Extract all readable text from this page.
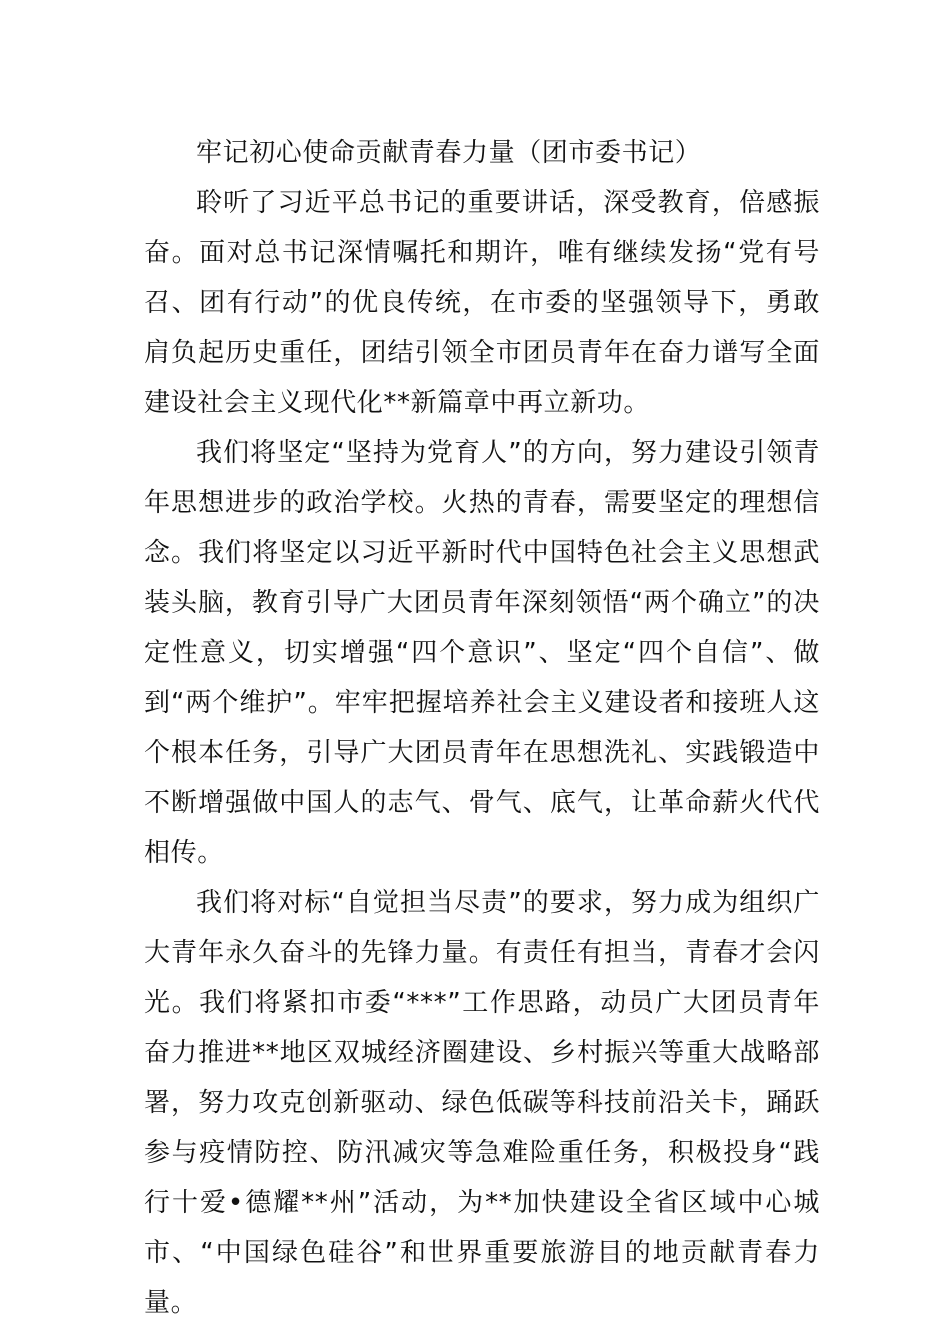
牢记初心使命贡献青春力量（团市委书记）

聆听了习近平总书记的重要讲话，深受教育，倍感振奋。面对总书记深情嘱托和期许，唯有继续发扬“党有号召、团有行动”的优良传统，在市委的坚强领导下，勇敢肩负起历史重任，团结引领全市团员青年在奋力谱写全面建设社会主义现代化**新篇章中再立新功。

我们将坚定“坚持为党育人”的方向，努力建设引领青年思想进步的政治学校。火热的青春，需要坚定的理想信念。我们将坚定以习近平新时代中国特色社会主义思想武装头脑，教育引导广大团员青年深刻领悟“两个确立”的决定性意义，切实增强“四个意识”、坚定“四个自信”、做到“两个维护”。牢牢把握培养社会主义建设者和接班人这个根本任务，引导广大团员青年在思想洗礼、实践锻造中不断增强做中国人的志气、骨气、底气，让革命薪火代代相传。

我们将对标“自觉担当尽责”的要求，努力成为组织广大青年永久奋斗的先锋力量。有责任有担当，青春才会闪光。我们将紧扣市委“***”工作思路，动员广大团员青年奋力推进**地区双城经济圈建设、乡村振兴等重大战略部署，努力攻克创新驱动、绿色低碳等科技前沿关卡，踊跃参与疫情防控、防汛减灾等急难险重任务，积极投身“践行十爱•德耀**州”活动，为**加快建设全省区域中心城市、“中国绿色硅谷”和世界重要旅游目的地贡献青春力量。
